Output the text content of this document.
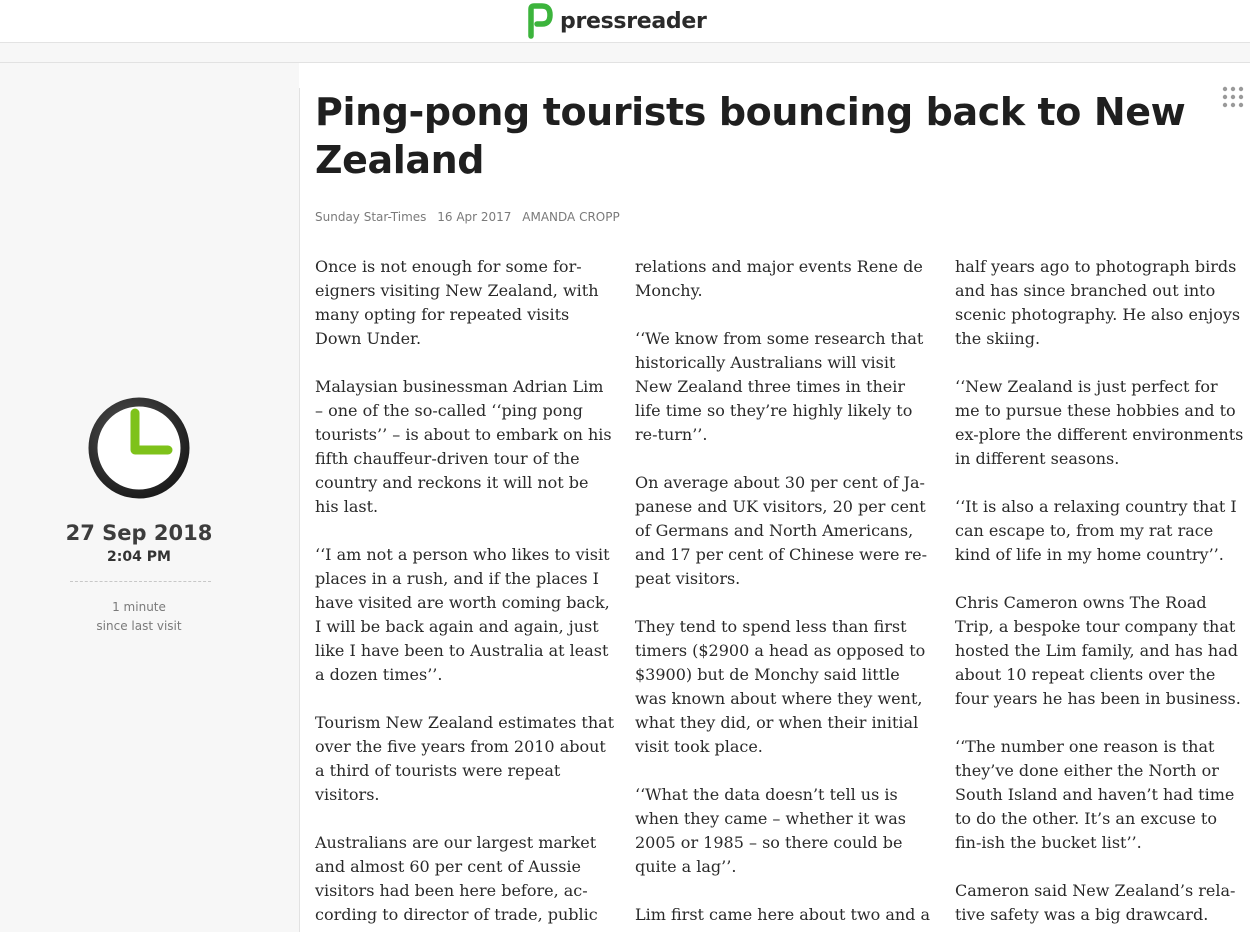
pressreader
27 Sep 2018
2:04 PM
1 minute
since last visit
Ping-pong tourists bouncing back to New Zealand
Sunday Star-Times 16 Apr 2017 AMANDA CROPP

Once is not enough for some for-eigners visiting New Zealand, with many opting for repeated visits Down Under.

Malaysian businessman Adrian Lim – one of the so-called ‘‘ping pong tourists’’ – is about to embark on his fifth chauffeur-driven tour of the country and reckons it will not be his last.

‘‘I am not a person who likes to visit places in a rush, and if the places I have visited are worth coming back, I will be back again and again, just like I have been to Australia at least a dozen times’’.

Tourism New Zealand estimates that over the five years from 2010 about a third of tourists were repeat visitors.

Australians are our largest market and almost 60 per cent of Aussie visitors had been here before, ac-cording to director of trade, public

relations and major events Rene de Monchy.

‘‘We know from some research that historically Australians will visit New Zealand three times in their life time so they’re highly likely to re-turn’’.

On average about 30 per cent of Ja-panese and UK visitors, 20 per cent of Germans and North Americans, and 17 per cent of Chinese were re-peat visitors.

They tend to spend less than first timers ($2900 a head as opposed to $3900) but de Monchy said little was known about where they went, what they did, or when their initial visit took place.

‘‘What the data doesn’t tell us is when they came – whether it was 2005 or 1985 – so there could be quite a lag’’.

Lim first came here about two and a

half years ago to photograph birds and has since branched out into scenic photography. He also enjoys the skiing.

‘‘New Zealand is just perfect for me to pursue these hobbies and to ex-plore the different environments in different seasons.

‘‘It is also a relaxing country that I can escape to, from my rat race kind of life in my home country’’.

Chris Cameron owns The Road Trip, a bespoke tour company that hosted the Lim family, and has had about 10 repeat clients over the four years he has been in business.

‘‘The number one reason is that they’ve done either the North or South Island and haven’t had time to do the other. It’s an excuse to fin-ish the bucket list’’.

Cameron said New Zealand’s rela-tive safety was a big drawcard.
